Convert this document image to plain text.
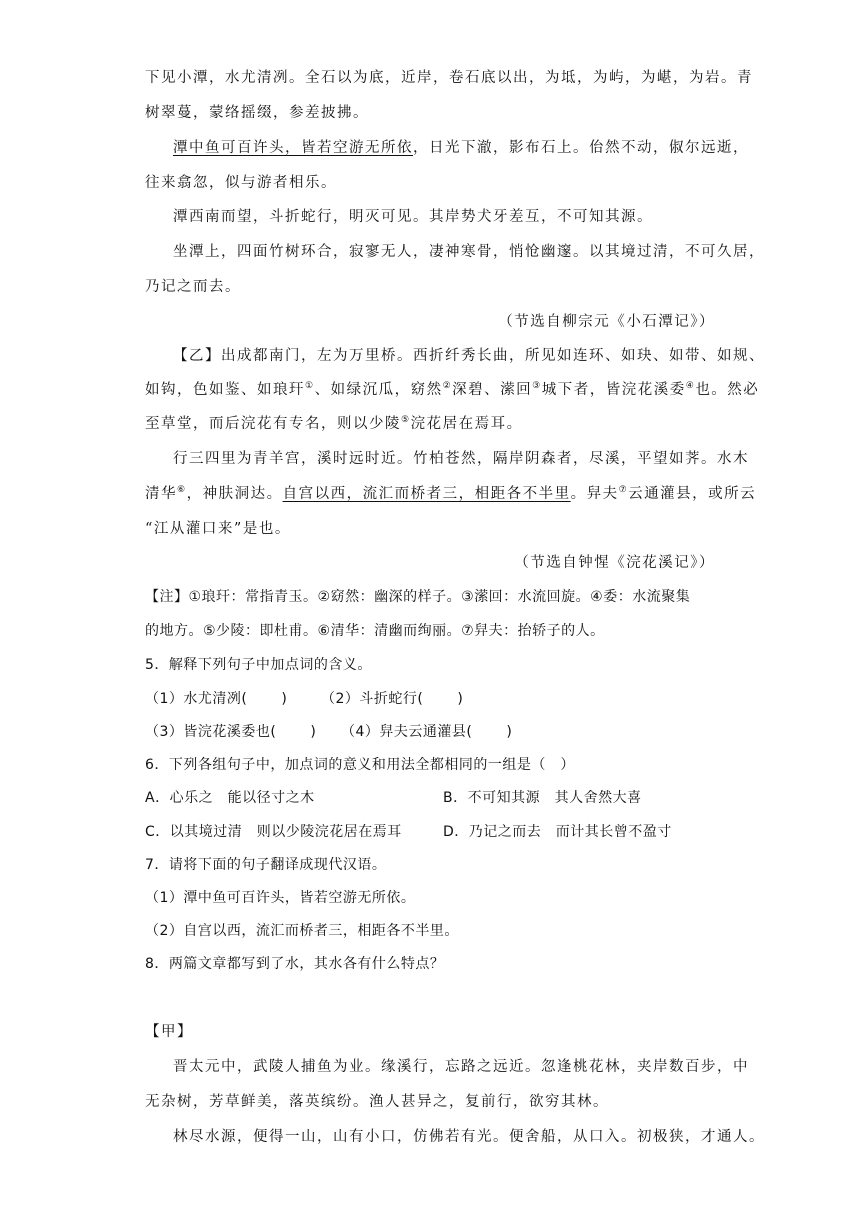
下见小潭，水尤清冽。全石以为底，近岸，卷石底以出，为坻，为屿，为嵁，为岩。青
树翠蔓，蒙络摇缀，参差披拂。
潭中鱼可百许头，皆若空游无所依，日光下澈，影布石上。佁然不动，俶尔远逝，
往来翕忽，似与游者相乐。
潭西南而望，斗折蛇行，明灭可见。其岸势犬牙差互，不可知其源。
坐潭上，四面竹树环合，寂寥无人，凄神寒骨，悄怆幽邃。以其境过清，不可久居，
乃记之而去。
（节选自柳宗元《小石潭记》）
【乙】出成都南门，左为万里桥。西折纤秀长曲，所见如连环、如玦、如带、如规、
如钩，色如鉴、如琅玕①、如绿沉瓜，窈然②深碧、潆回③城下者，皆浣花溪委④也。然必
至草堂，而后浣花有专名，则以少陵⑤浣花居在焉耳。
行三四里为青羊宫，溪时远时近。竹柏苍然，隔岸阴森者，尽溪，平望如荠。水木
清华⑥，神肤洞达。自宫以西，流汇而桥者三，相距各不半里。舁夫⑦云通灌县，或所云
“江从灌口来”是也。
（节选自钟惺《浣花溪记》）
【注】①琅玕：常指青玉。②窈然：幽深的样子。③潆回：水流回旋。④委：水流聚集
的地方。⑤少陵：即杜甫。⑥清华：清幽而绚丽。⑦舁夫：抬轿子的人。
5．解释下列句子中加点词的含义。
（1）水尤清冽(　　 ) （2）斗折蛇行(　　 )
（3）皆浣花溪委也(　　 ) （4）舁夫云通灌县(　　 )
6．下列各组句子中，加点词的意义和用法全都相同的一组是（　）
A．心乐之　能以径寸之木	B．不可知其源　其人舍然大喜
C．以其境过清　则以少陵浣花居在焉耳	D．乃记之而去　而计其长曾不盈寸
7．请将下面的句子翻译成现代汉语。
（1）潭中鱼可百许头，皆若空游无所依。
（2）自宫以西，流汇而桥者三，相距各不半里。
8．两篇文章都写到了水，其水各有什么特点？
【甲】
晋太元中，武陵人捕鱼为业。缘溪行，忘路之远近。忽逢桃花林，夹岸数百步，中
无杂树，芳草鲜美，落英缤纷。渔人甚异之，复前行，欲穷其林。
林尽水源，便得一山，山有小口，仿佛若有光。便舍船，从口入。初极狭，才通人。
